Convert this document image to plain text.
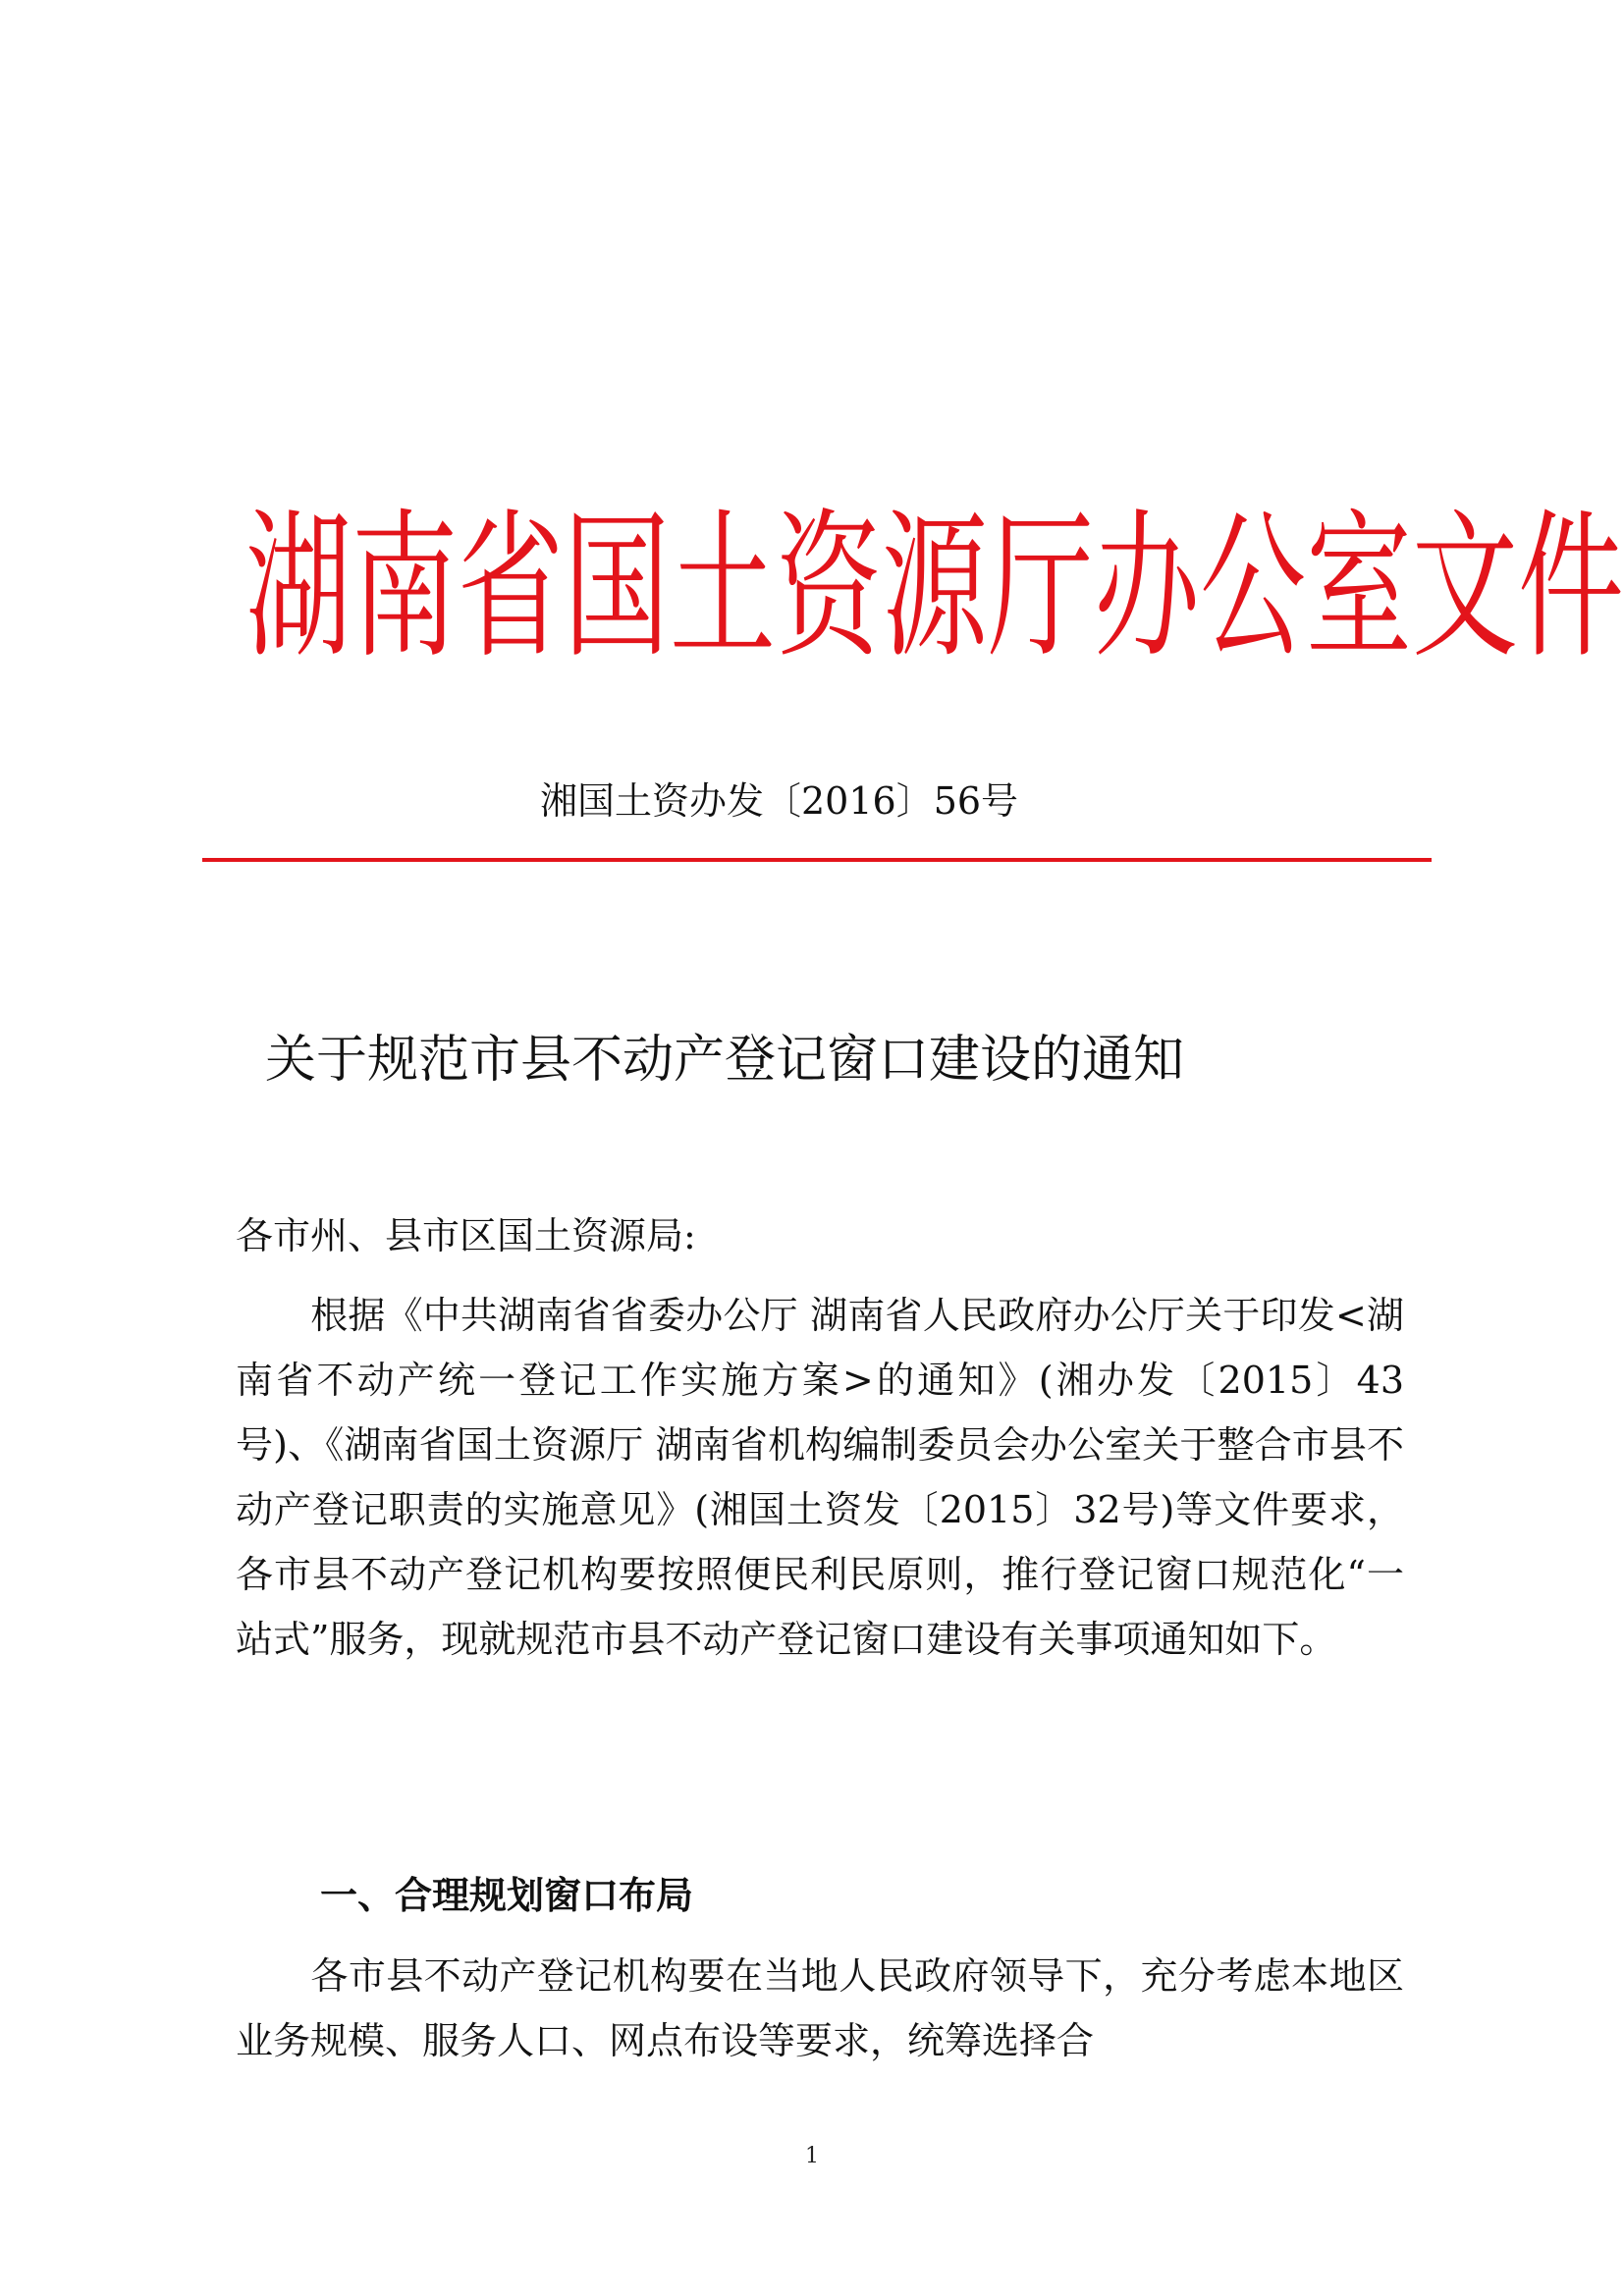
湖南省国土资源厅办公室文件
湘国土资办发〔2016〕56号
关于规范市县不动产登记窗口建设的通知
各市州、县市区国土资源局:
根据《中共湖南省省委办公厅 湖南省人民政府办公厅关于印发<湖南省不动产统一登记工作实施方案>的通知》(湘办发〔2015〕43号)、《湖南省国土资源厅 湖南省机构编制委员会办公室关于整合市县不动产登记职责的实施意见》(湘国土资发〔2015〕32号)等文件要求，各市县不动产登记机构要按照便民利民原则，推行登记窗口规范化“一站式”服务，现就规范市县不动产登记窗口建设有关事项通知如下。
一、合理规划窗口布局
各市县不动产登记机构要在当地人民政府领导下，充分考虑本地区业务规模、服务人口、网点布设等要求，统筹选择合
1
